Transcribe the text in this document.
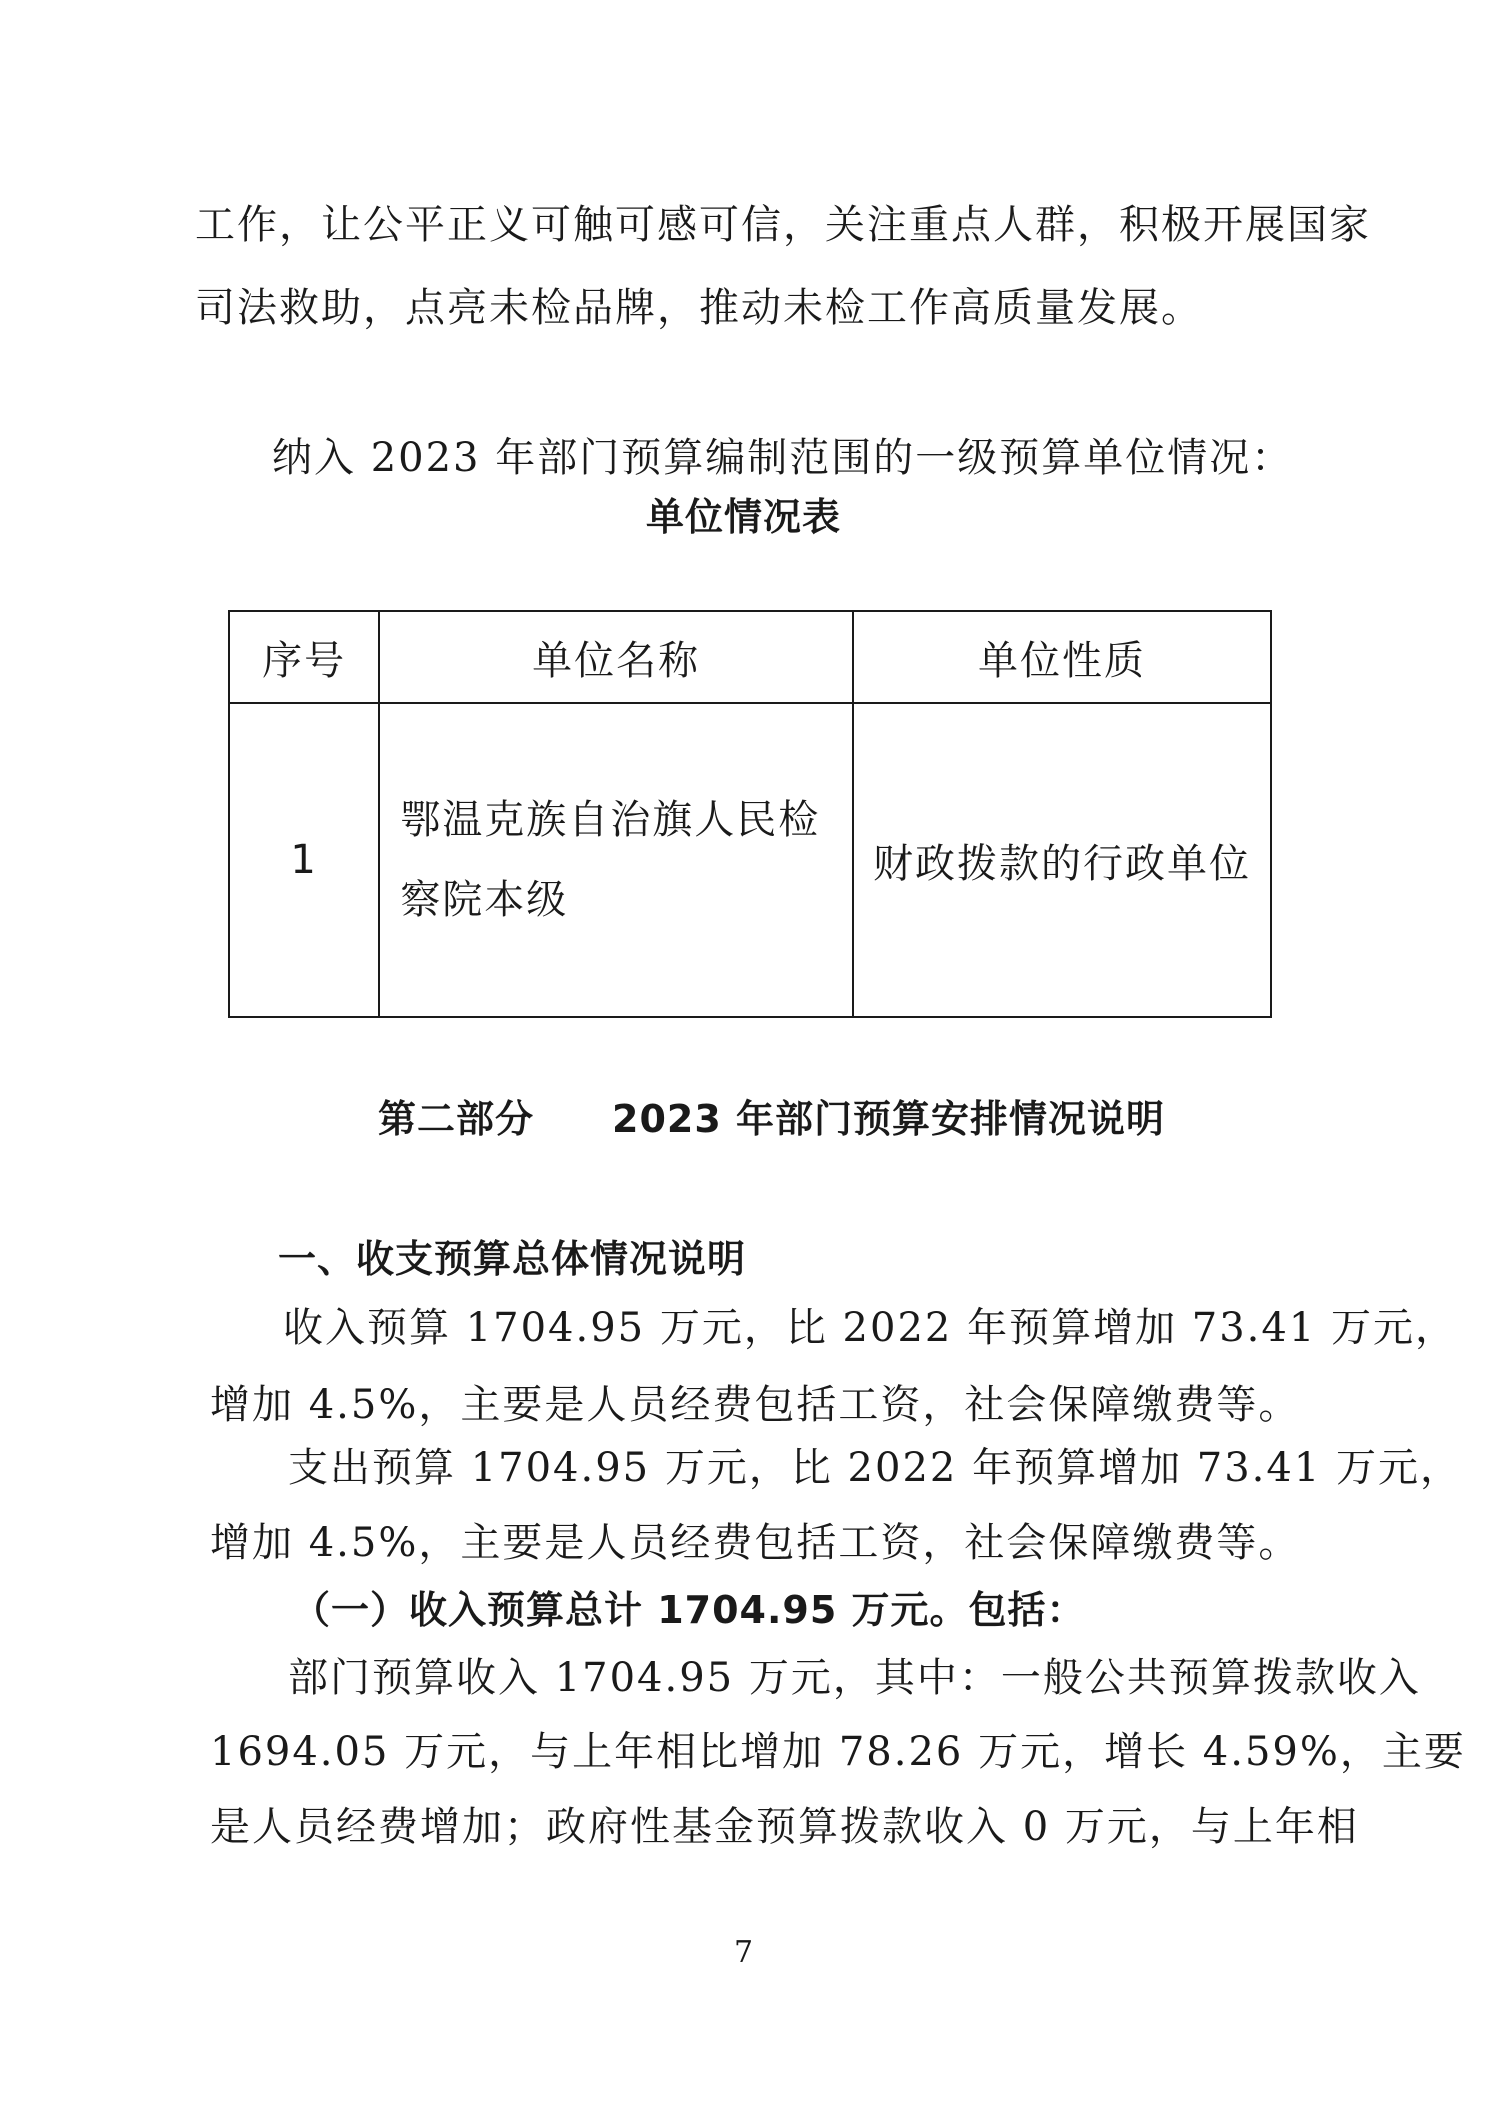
工作，让公平正义可触可感可信，关注重点人群，积极开展国家
司法救助，点亮未检品牌，推动未检工作高质量发展。
纳入 2023 年部门预算编制范围的一级预算单位情况：
单位情况表
序号	单位名称	单位性质
1	鄂温克族自治旗人民检察院本级	财政拨款的行政单位
第二部分　　2023 年部门预算安排情况说明
一、收支预算总体情况说明
收入预算 1704.95 万元，比 2022 年预算增加 73.41 万元，
增加 4.5%，主要是人员经费包括工资，社会保障缴费等。
支出预算 1704.95 万元，比 2022 年预算增加 73.41 万元，
增加 4.5%，主要是人员经费包括工资，社会保障缴费等。
（一）收入预算总计 1704.95 万元。包括：
部门预算收入 1704.95 万元，其中：一般公共预算拨款收入
1694.05 万元，与上年相比增加 78.26 万元，增长 4.59%，主要
是人员经费增加；政府性基金预算拨款收入 0 万元，与上年相
7
